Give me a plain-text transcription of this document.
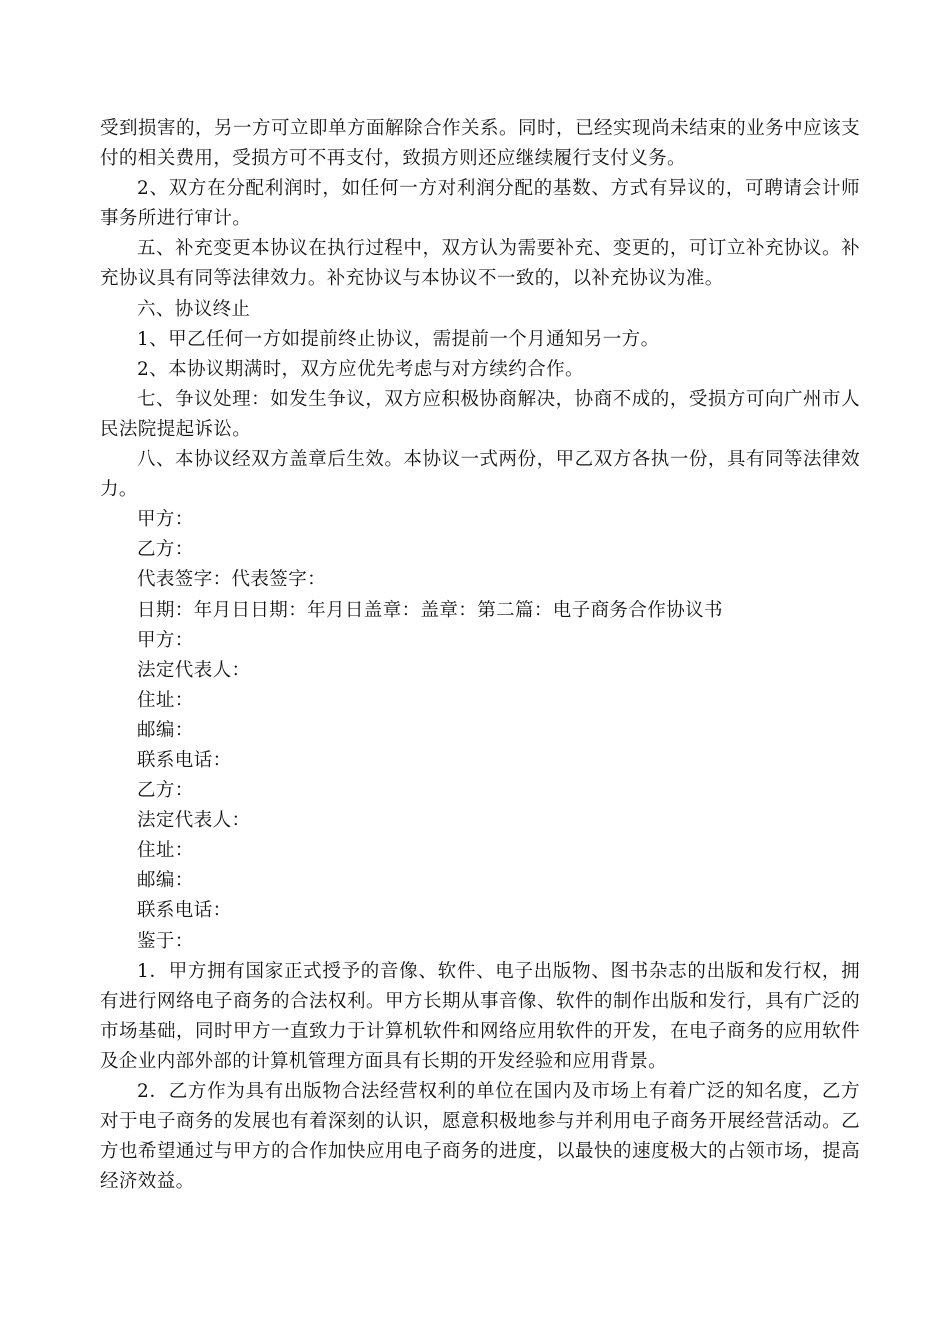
受到损害的，另一方可立即单方面解除合作关系。同时，已经实现尚未结束的业务中应该支付的相关费用，受损方可不再支付，致损方则还应继续履行支付义务。

2、双方在分配利润时，如任何一方对利润分配的基数、方式有异议的，可聘请会计师事务所进行审计。

五、补充变更本协议在执行过程中，双方认为需要补充、变更的，可订立补充协议。补充协议具有同等法律效力。补充协议与本协议不一致的，以补充协议为准。

六、协议终止

1、甲乙任何一方如提前终止协议，需提前一个月通知另一方。

2、本协议期满时，双方应优先考虑与对方续约合作。

七、争议处理：如发生争议，双方应积极协商解决，协商不成的，受损方可向广州市人民法院提起诉讼。

八、本协议经双方盖章后生效。本协议一式两份，甲乙双方各执一份，具有同等法律效力。

甲方：

乙方：

代表签字：代表签字：

日期：年月日日期：年月日盖章：盖章：第二篇：电子商务合作协议书

甲方：

法定代表人：

住址：

邮编：

联系电话：

乙方：

法定代表人：

住址：

邮编：

联系电话：

鉴于：

1．甲方拥有国家正式授予的音像、软件、电子出版物、图书杂志的出版和发行权，拥有进行网络电子商务的合法权利。甲方长期从事音像、软件的制作出版和发行，具有广泛的市场基础，同时甲方一直致力于计算机软件和网络应用软件的开发，在电子商务的应用软件及企业内部外部的计算机管理方面具有长期的开发经验和应用背景。

2．乙方作为具有出版物合法经营权利的单位在国内及市场上有着广泛的知名度，乙方对于电子商务的发展也有着深刻的认识，愿意积极地参与并利用电子商务开展经营活动。乙方也希望通过与甲方的合作加快应用电子商务的进度，以最快的速度极大的占领市场，提高经济效益。
